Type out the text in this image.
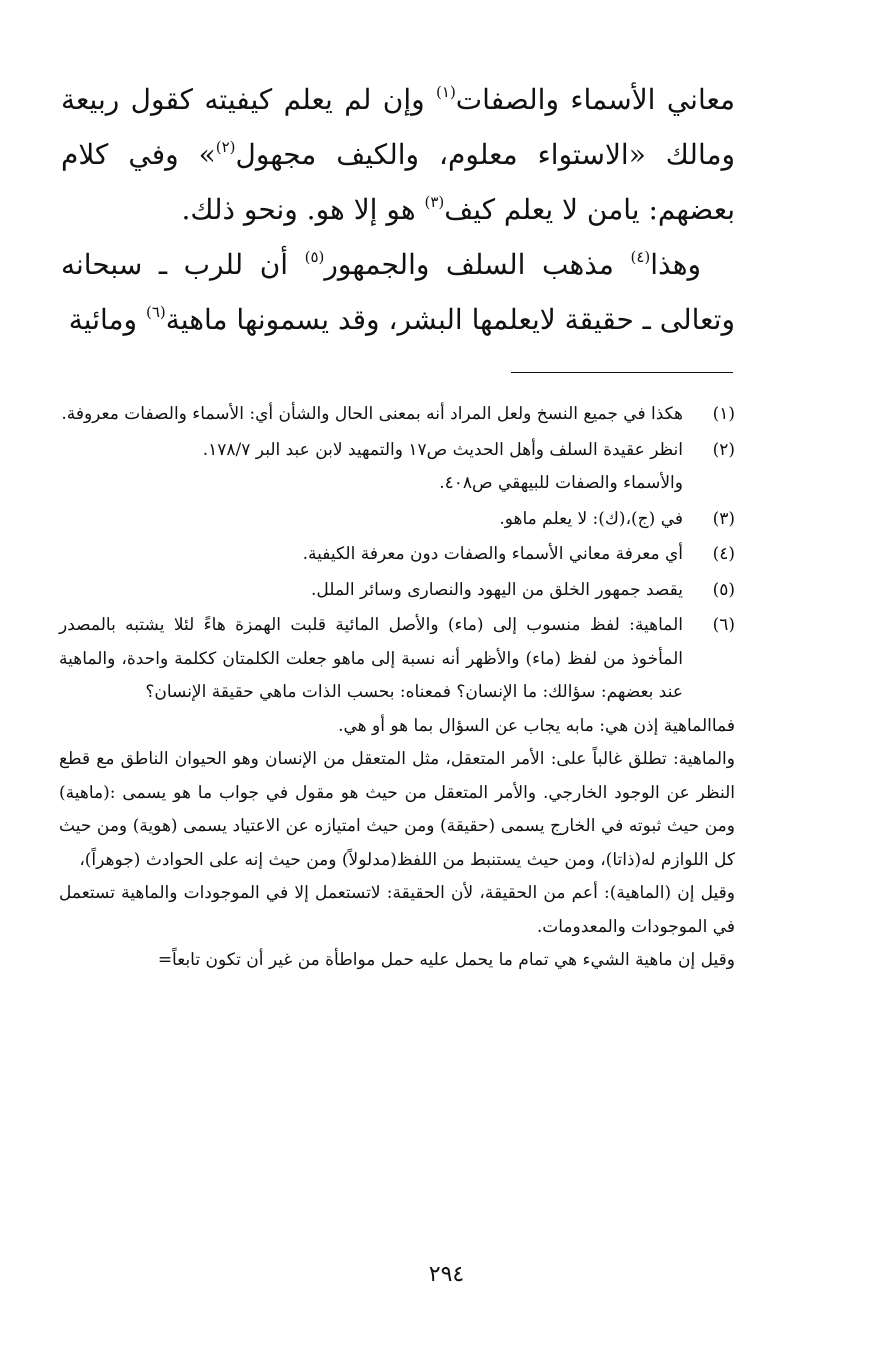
معاني الأسماء والصفات$^{(١)}$ وإن لم يعلم كيفيته كقول ربيعة ومالك «الاستواء معلوم، والكيف مجهول$^{(٢)}$» وفي كلام بعضهم: يامن لا يعلم كيف$^{(٣)}$ هو إلا هو. ونحو ذلك.

وهذا$^{(٤)}$ مذهب السلف والجمهور$^{(٥)}$ أن للرب ـ سبحانه وتعالى ـ حقيقة لايعلمها البشر، وقد يسمونها ماهية$^{(٦)}$ ومائية

(١)

هكذا في جميع النسخ ولعل المراد أنه بمعنى الحال والشأن أي: الأسماء والصفات معروفة.

(٢)

انظر عقيدة السلف وأهل الحديث ص١٧ والتمهيد لابن عبد البر ١٧٨/٧.

والأسماء والصفات للبيهقي ص٤٠٨.

(٣)

في (ج)،(ك): لا يعلم ماهو.

(٤)

أي معرفة معاني الأسماء والصفات دون معرفة الكيفية.

(٥)

يقصد جمهور الخلق من اليهود والنصارى وسائر الملل.

(٦)

الماهية: لفظ منسوب إلى (ماء) والأصل المائية قلبت الهمزة هاءً لئلا يشتبه بالمصدر المأخوذ من لفظ (ماء) والأظهر أنه نسبة إلى ماهو جعلت الكلمتان ككلمة واحدة، والماهية عند بعضهم: سؤالك: ما الإنسان؟ فمعناه: بحسب الذات ماهي حقيقة الإنسان؟

فماالماهية إذن هي: مابه يجاب عن السؤال بما هو أو هي.

والماهية: تطلق غالباً على: الأمر المتعقل، مثل المتعقل من الإنسان وهو الحيوان الناطق مع قطع النظر عن الوجود الخارجي. والأمر المتعقل من حيث هو مقول في جواب ما هو يسمى :(ماهية) ومن حيث ثبوته في الخارج يسمى (حقيقة) ومن حيث امتيازه عن الاعتياد يسمى (هوية) ومن حيث كل اللوازم له(ذاتا)، ومن حيث يستنبط من اللفظ(مدلولاً) ومن حيث إنه على الحوادث (جوهراً)،

وقيل إن (الماهية): أعم من الحقيقة، لأن الحقيقة: لاتستعمل إلا في الموجودات والماهية تستعمل في الموجودات والمعدومات.

وقيل إن ماهية الشيء هي تمام ما يحمل عليه حمل مواطأة من غير أن تكون تابعاً=

٢٩٤
